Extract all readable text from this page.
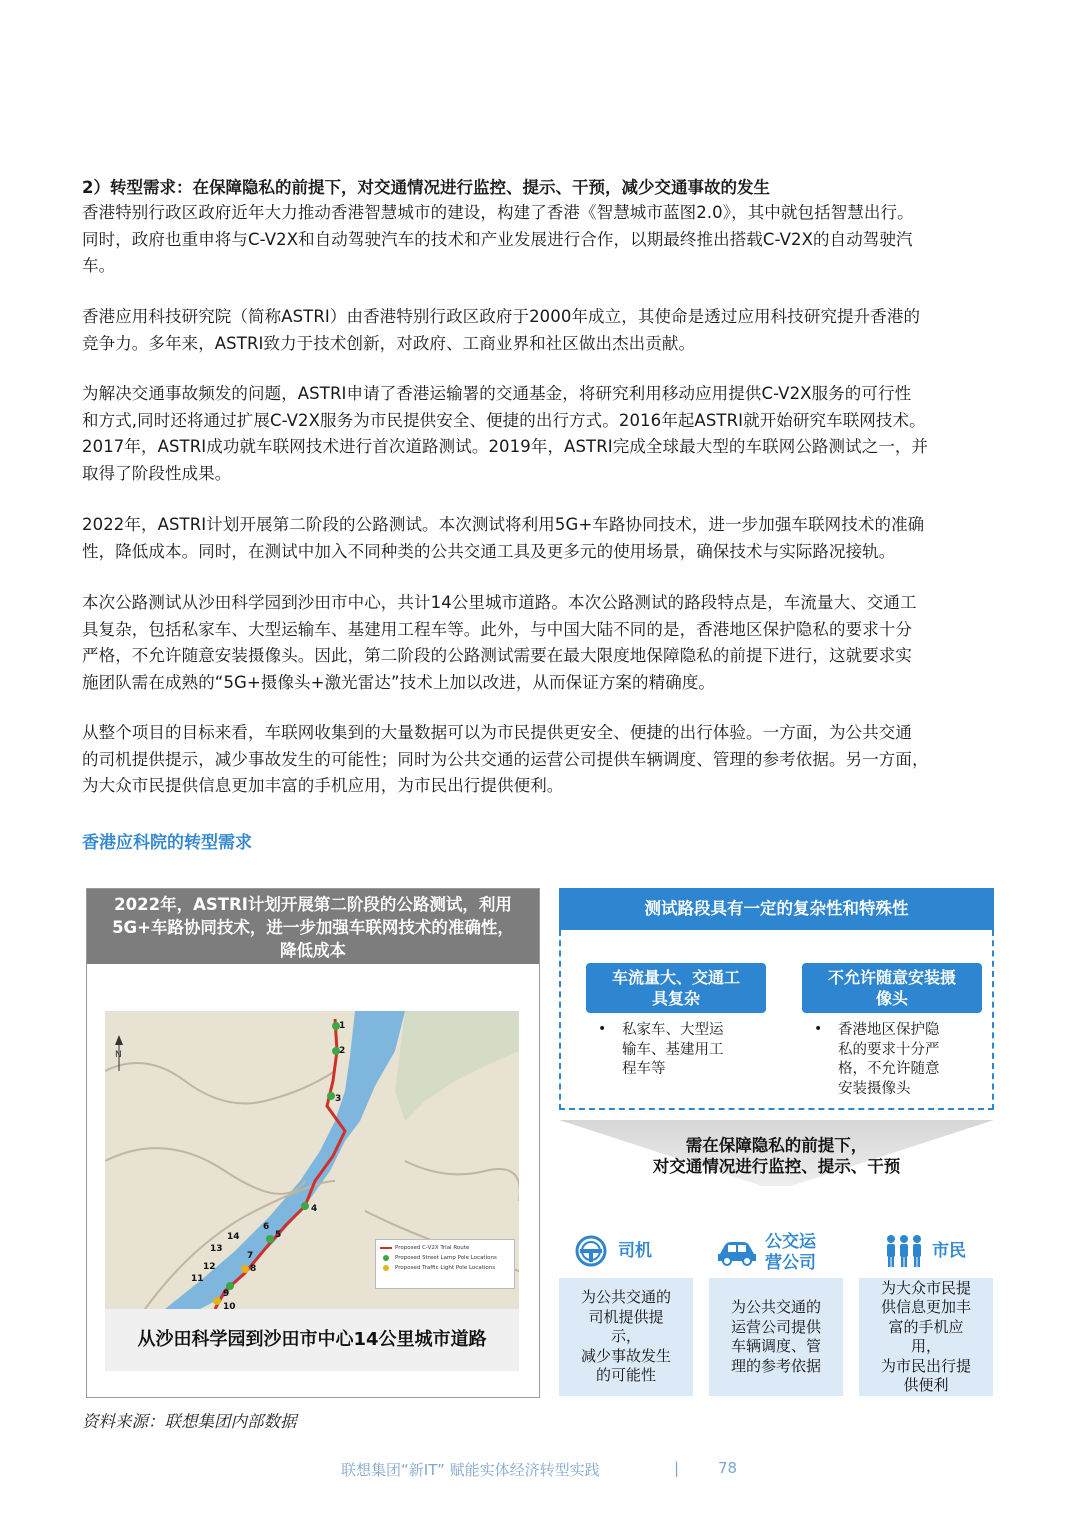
2）转型需求：在保障隐私的前提下，对交通情况进行监控、提示、干预，减少交通事故的发生
香港特别行政区政府近年大力推动香港智慧城市的建设，构建了香港《智慧城市蓝图2.0》，其中就包括智慧出行。
同时，政府也重申将与C-V2X和自动驾驶汽车的技术和产业发展进行合作，以期最终推出搭载C-V2X的自动驾驶汽
车。
香港应用科技研究院（简称ASTRI）由香港特别行政区政府于2000年成立，其使命是透过应用科技研究提升香港的
竞争力。多年来，ASTRI致力于技术创新，对政府、工商业界和社区做出杰出贡献。
为解决交通事故频发的问题，ASTRI申请了香港运输署的交通基金，将研究利用移动应用提供C-V2X服务的可行性
和方式,同时还将通过扩展C-V2X服务为市民提供安全、便捷的出行方式。2016年起ASTRI就开始研究车联网技术。
2017年，ASTRI成功就车联网技术进行首次道路测试。2019年，ASTRI完成全球最大型的车联网公路测试之一，并
取得了阶段性成果。
2022年，ASTRI计划开展第二阶段的公路测试。本次测试将利用5G+车路协同技术，进一步加强车联网技术的准确
性，降低成本。同时，在测试中加入不同种类的公共交通工具及更多元的使用场景，确保技术与实际路况接轨。
本次公路测试从沙田科学园到沙田市中心，共计14公里城市道路。本次公路测试的路段特点是，车流量大、交通工
具复杂，包括私家车、大型运输车、基建用工程车等。此外，与中国大陆不同的是，香港地区保护隐私的要求十分
严格，不允许随意安装摄像头。因此，第二阶段的公路测试需要在最大限度地保障隐私的前提下进行，这就要求实
施团队需在成熟的“5G+摄像头+激光雷达”技术上加以改进，从而保证方案的精确度。
从整个项目的目标来看，车联网收集到的大量数据可以为市民提供更安全、便捷的出行体验。一方面，为公共交通
的司机提供提示，减少事故发生的可能性；同时为公共交通的运营公司提供车辆调度、管理的参考依据。另一方面，
为大众市民提供信息更加丰富的手机应用，为市民出行提供便利。
香港应科院的转型需求
2022年，ASTRI计划开展第二阶段的公路测试，利用
5G+车路协同技术，进一步加强车联网技术的准确性，
降低成本
N
1
2
3
4
5
6
7
8
9
10
11
12
13
14
Proposed C-V2X Trial Route
Proposed Street Lamp Pole Locations
Proposed Traffic Light Pole Locations
从沙田科学园到沙田市中心14公里城市道路
测试路段具有一定的复杂性和特殊性
车流量大、交通工
具复杂
不允许随意安装摄
像头
• 私家车、大型运
输车、基建用工
程车等
• 香港地区保护隐
私的要求十分严
格，不允许随意
安装摄像头
需在保障隐私的前提下，
对交通情况进行监控、提示、干预
司机	公交运
营公司
市民
为公共交通的
司机提供提示，
减少事故发生
的可能性
为公共交通的
运营公司提供
车辆调度、管
理的参考依据
为大众市民提
供信息更加丰
富的手机应用，
为市民出行提
供便利
资料来源：联想集团内部数据
联想集团“新IT” 赋能实体经济转型实践	|	78
